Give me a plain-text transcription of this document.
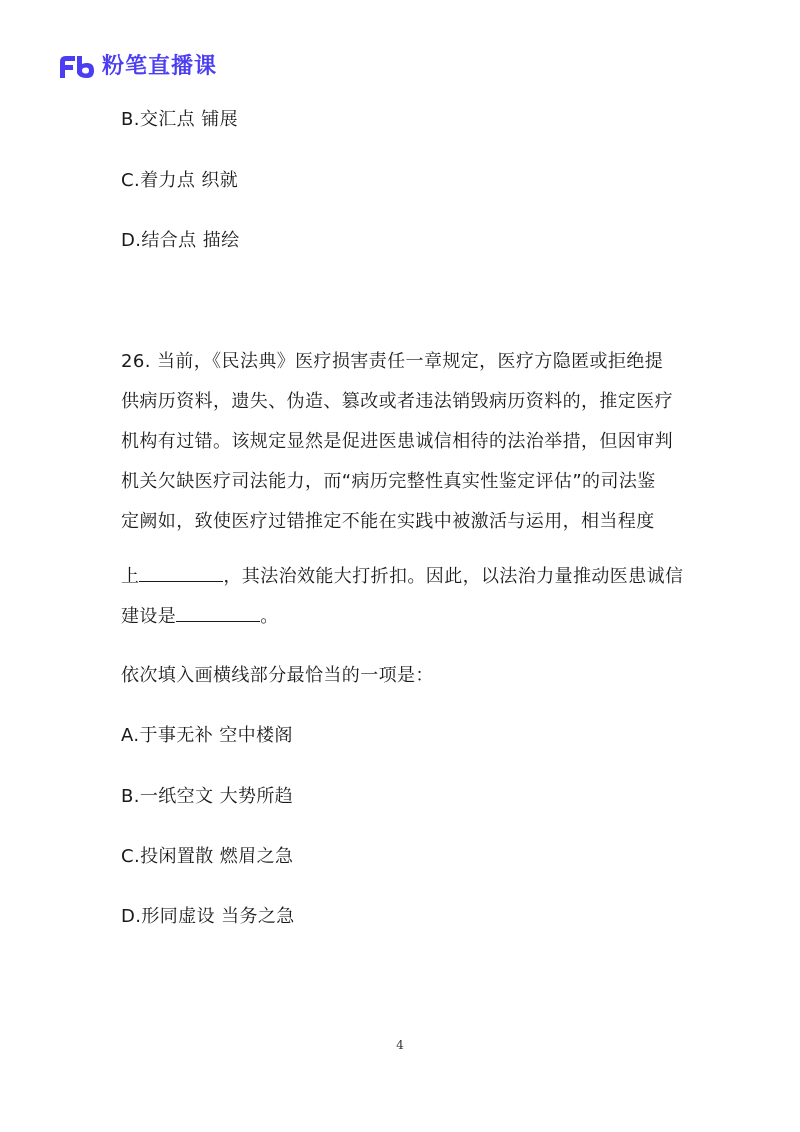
粉笔直播课
B.交汇点 铺展
C.着力点 织就
D.结合点 描绘
26. 当前，《民法典》医疗损害责任一章规定，医疗方隐匿或拒绝提
供病历资料，遗失、伪造、篡改或者违法销毁病历资料的，推定医疗
机构有过错。该规定显然是促进医患诚信相待的法治举措，但因审判
机关欠缺医疗司法能力，而“病历完整性真实性鉴定评估”的司法鉴
定阙如，致使医疗过错推定不能在实践中被激活与运用，相当程度
上	，其法治效能大打折扣。因此，以法治力量推动医患诚信
建设是	。
依次填入画横线部分最恰当的一项是：
A.于事无补 空中楼阁
B.一纸空文 大势所趋
C.投闲置散 燃眉之急
D.形同虚设 当务之急
4
